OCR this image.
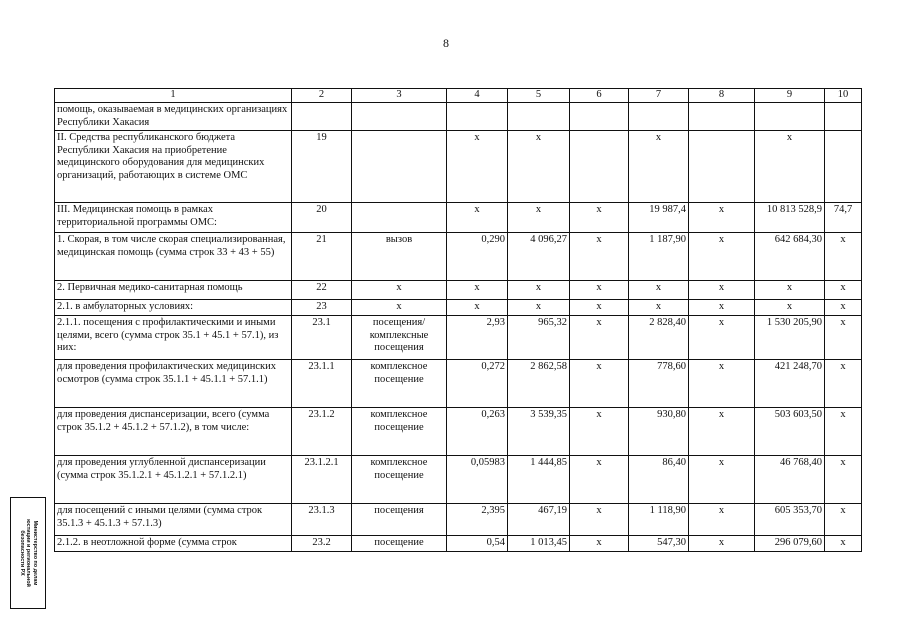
8
1	2	3	4	5	6	7	8	9	10
помощь, оказываемая в медицинских организациях Республики Хакасия									
II. Средства республиканского бюджета Республики Хакасия на приобретение медицинского оборудования для медицинских организаций, работающих в системе ОМС	19		x	x		x		x	
III. Медицинская помощь в рамках территориальной программы ОМС:	20		x	x	x	19 987,4	x	10 813 528,9	74,7
1. Скорая, в том числе скорая специализированная, медицинская помощь (сумма строк 33 + 43 + 55)	21	вызов	0,290	4 096,27	x	1 187,90	x	642 684,30	x
2. Первичная медико-санитарная помощь	22	x	x	x	x	x	x	x	x
2.1. в амбулаторных условиях:	23	x	x	x	x	x	x	x	x
2.1.1. посещения с профилактическими и иными целями, всего (сумма строк 35.1 + 45.1 + 57.1), из них:	23.1	посещения/ комплексные посещения	2,93	965,32	x	2 828,40	x	1 530 205,90	x
для проведения профилактических медицинских осмотров (сумма строк 35.1.1 + 45.1.1 + 57.1.1)	23.1.1	комплексное посещение	0,272	2 862,58	x	778,60	x	421 248,70	x
для проведения диспансеризации, всего (сумма строк 35.1.2 + 45.1.2 + 57.1.2), в том числе:	23.1.2	комплексное посещение	0,263	3 539,35	x	930,80	x	503 603,50	x
для проведения углубленной диспансеризации (сумма строк 35.1.2.1 + 45.1.2.1 + 57.1.2.1)	23.1.2.1	комплексное посещение	0,05983	1 444,85	x	86,40	x	46 768,40	x
для посещений с иными целями (сумма строк 35.1.3 + 45.1.3 + 57.1.3)	23.1.3	посещения	2,395	467,19	x	1 118,90	x	605 353,70	x
2.1.2. в неотложной форме (сумма строк	23.2	посещение	0,54	1 013,45	x	547,30	x	296 079,60	x
Министерство по делам
юстиции и региональной
безопасности РХ
